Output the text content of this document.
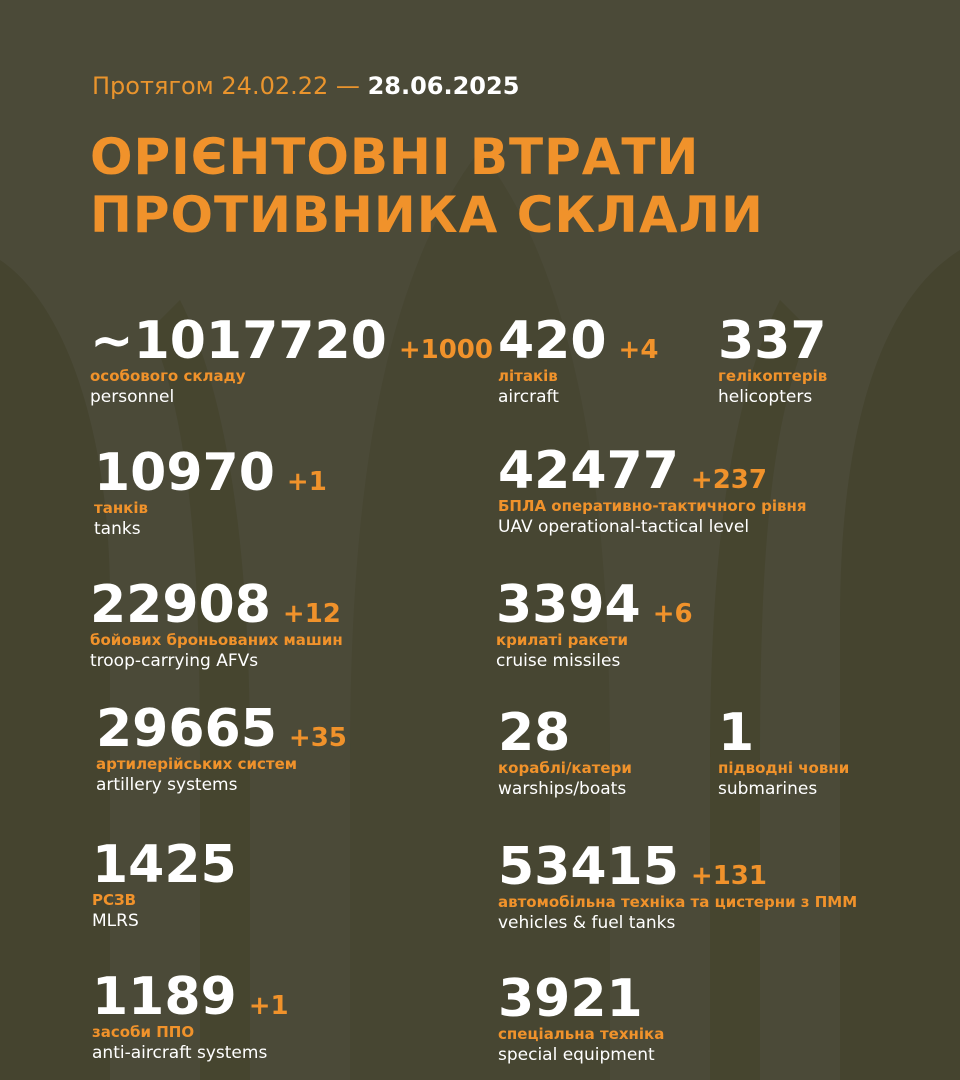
Протягом 24.02.22 — 28.06.2025
ОРІЄНТОВНІ ВТРАТИ
ПРОТИВНИКА СКЛАЛИ
~1017720 +1000
особового складу
personnel
10970 +1
танків
tanks
22908 +12
бойових броньованих машин
troop-carrying AFVs
29665 +35
артилерійських систем
artillery systems
1425
РСЗВ
MLRS
1189 +1
засоби ППО
anti-aircraft systems
420 +4
літаків
aircraft
337
гелікоптерів
helicopters
42477 +237
БПЛА оперативно-тактичного рівня
UAV operational-tactical level
3394 +6
крилаті ракети
cruise missiles
28
кораблі/катери
warships/boats
1
підводні човни
submarines
53415 +131
автомобільна техніка та цистерни з ПММ
vehicles & fuel tanks
3921
спеціальна техніка
special equipment
